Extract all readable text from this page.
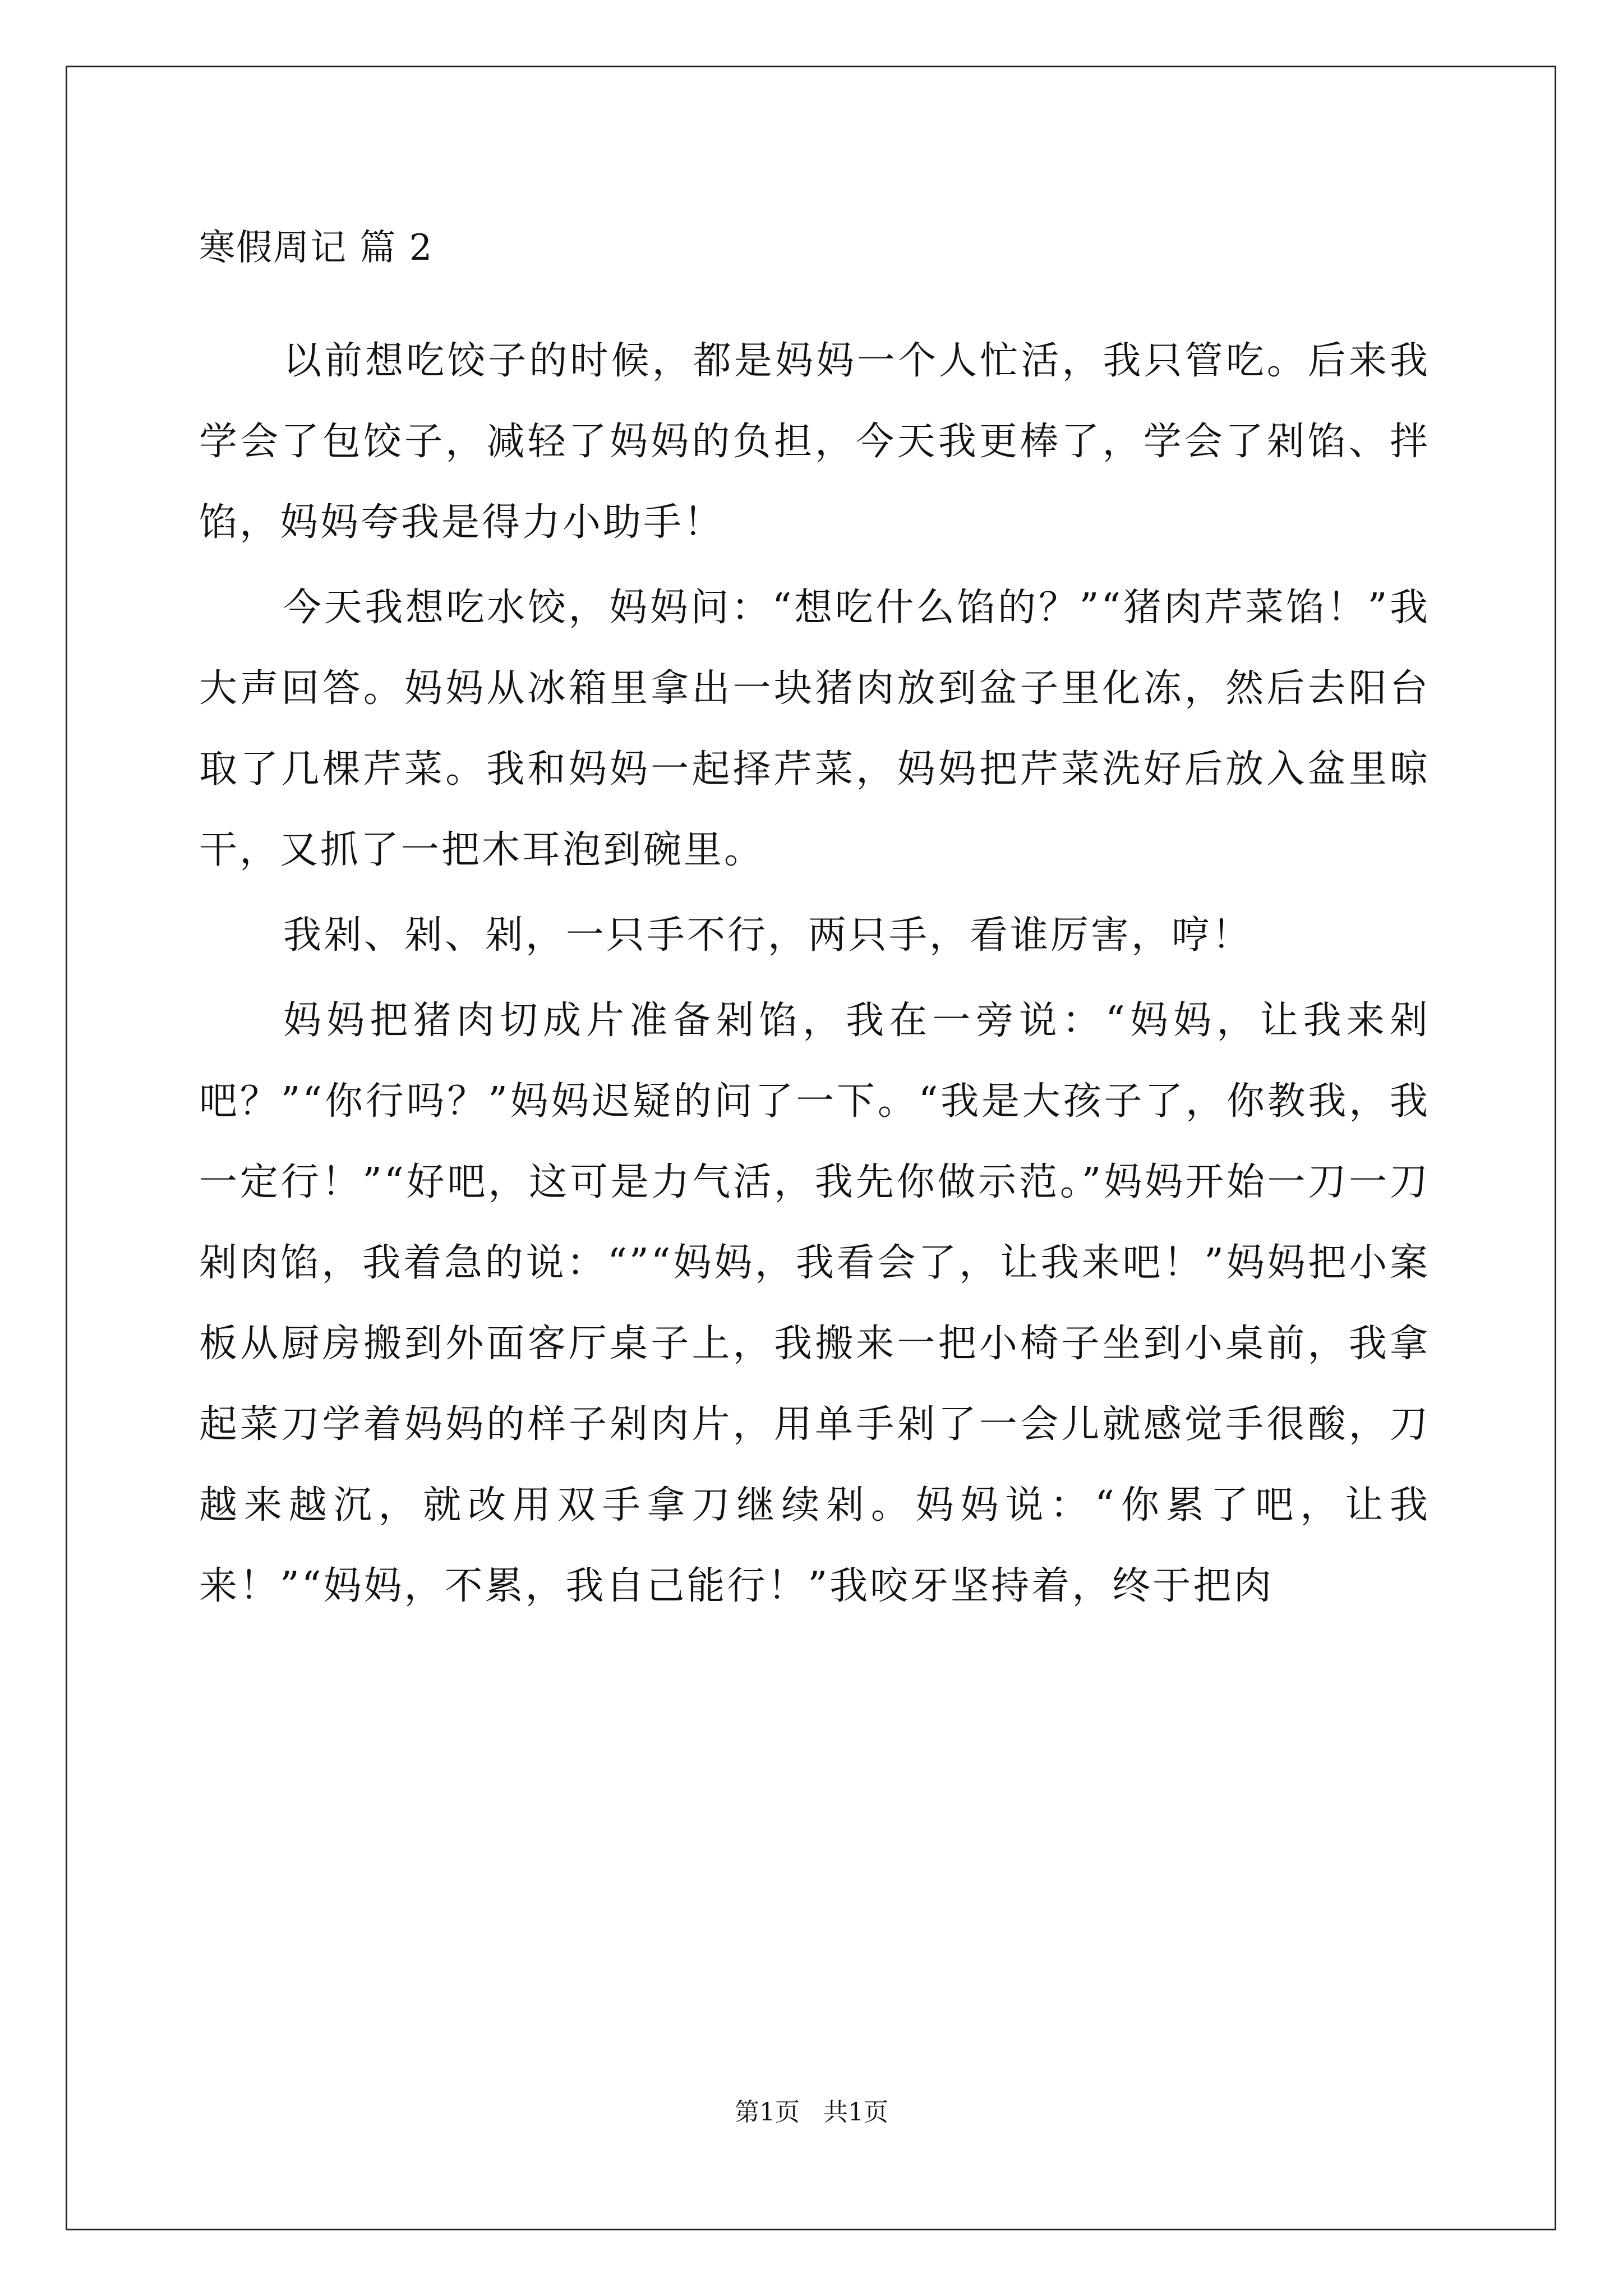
寒假周记 篇 2

以前想吃饺子的时候，都是妈妈一个人忙活，我只管吃。后来我学会了包饺子，减轻了妈妈的负担，今天我更棒了，学会了剁馅、拌馅，妈妈夸我是得力小助手！

今天我想吃水饺，妈妈问：“想吃什么馅的？”“猪肉芹菜馅！”我大声回答。妈妈从冰箱里拿出一块猪肉放到盆子里化冻，然后去阳台取了几棵芹菜。我和妈妈一起择芹菜，妈妈把芹菜洗好后放入盆里晾干，又抓了一把木耳泡到碗里。

我剁、剁、剁，一只手不行，两只手，看谁厉害，哼！

妈妈把猪肉切成片准备剁馅，我在一旁说：“妈妈，让我来剁吧？”“你行吗？”妈妈迟疑的问了一下。“我是大孩子了，你教我，我一定行！”“好吧，这可是力气活，我先你做示范。”妈妈开始一刀一刀剁肉馅，我着急的说：“”“妈妈，我看会了，让我来吧！”妈妈把小案板从厨房搬到外面客厅桌子上，我搬来一把小椅子坐到小桌前，我拿起菜刀学着妈妈的样子剁肉片，用单手剁了一会儿就感觉手很酸，刀越来越沉，就改用双手拿刀继续剁。妈妈说：“你累了吧，让我来！”“妈妈，不累，我自己能行！”我咬牙坚持着，终于把肉

第1页   共1页
